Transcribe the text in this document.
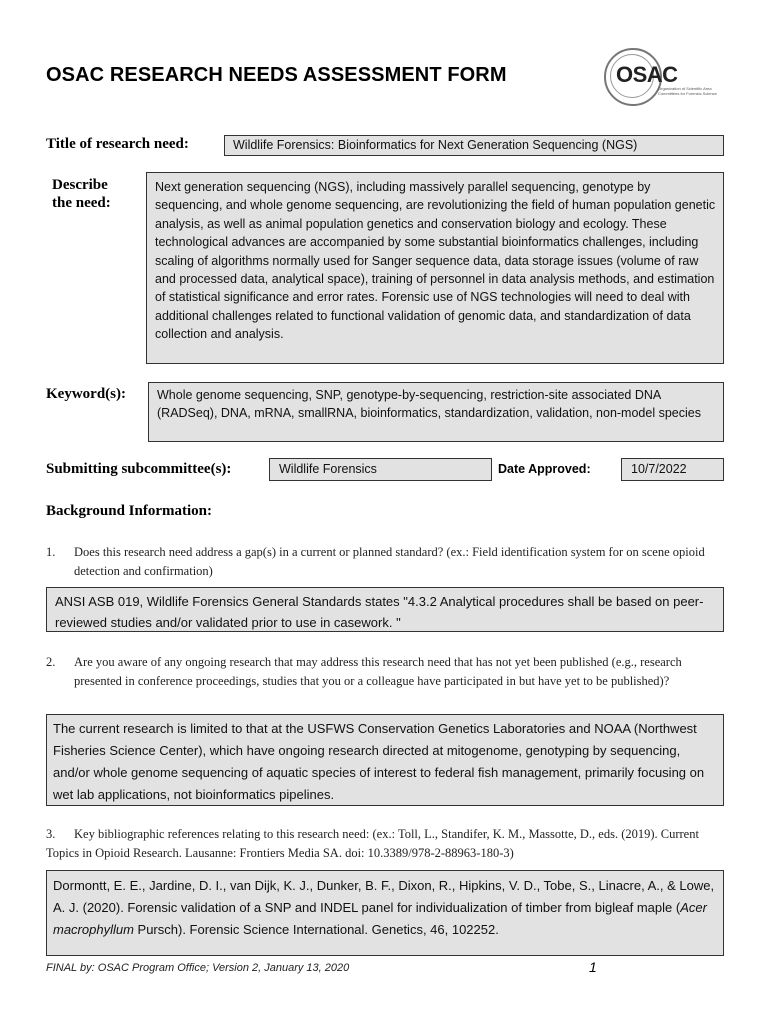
OSAC RESEARCH NEEDS ASSESSMENT FORM	OSAC
Organization of Scientific Area Committees for Forensic Science
Title of research need:	Wildlife Forensics: Bioinformatics for Next Generation Sequencing (NGS)
Describe
the need:
Next generation sequencing (NGS), including massively parallel sequencing, genotype by sequencing, and whole genome sequencing, are revolutionizing the field of human population genetic analysis, as well as animal population genetics and conservation biology and ecology. These technological advances are accompanied by some substantial bioinformatics challenges, including scaling of algorithms normally used for Sanger sequence data, data storage issues (volume of raw and processed data, analytical space), training of personnel in data analysis methods, and estimation of statistical significance and error rates. Forensic use of NGS technologies will need to deal with additional challenges related to functional validation of genomic data, and standardization of data collection and analysis.
Keyword(s):	Whole genome sequencing, SNP, genotype-by-sequencing, restriction-site associated DNA (RADSeq), DNA, mRNA, smallRNA, bioinformatics, standardization, validation, non-model species
Submitting subcommittee(s):	Wildlife Forensics	Date Approved:	10/7/2022
Background Information:
1. Does this research need address a gap(s) in a current or planned standard? (ex.: Field identification system for on scene opioid detection and confirmation)
ANSI ASB 019, Wildlife Forensics General Standards states "4.3.2 Analytical procedures shall be based on peer-reviewed studies and/or validated prior to use in casework. "
2. Are you aware of any ongoing research that may address this research need that has not yet been published (e.g., research presented in conference proceedings, studies that you or a colleague have participated in but have yet to be published)?
The current research is limited to that at the USFWS Conservation Genetics Laboratories and NOAA (Northwest Fisheries Science Center), which have ongoing research directed at mitogenome, genotyping by sequencing, and/or whole genome sequencing of aquatic species of interest to federal fish management, primarily focusing on wet lab applications, not bioinformatics pipelines.
3.	Key bibliographic references relating to this research need: (ex.: Toll, L., Standifer, K. M., Massotte, D., eds. (2019). Current Topics in Opioid Research. Lausanne: Frontiers Media SA. doi: 10.3389/978-2-88963-180-3)
Dormontt, E. E., Jardine, D. I., van Dijk, K. J., Dunker, B. F., Dixon, R., Hipkins, V. D., Tobe, S., Linacre, A., & Lowe, A. J. (2020). Forensic validation of a SNP and INDEL panel for individualization of timber from bigleaf maple (Acer macrophyllum Pursch). Forensic Science International. Genetics, 46, 102252.
FINAL by: OSAC Program Office; Version 2, January 13, 2020	1
